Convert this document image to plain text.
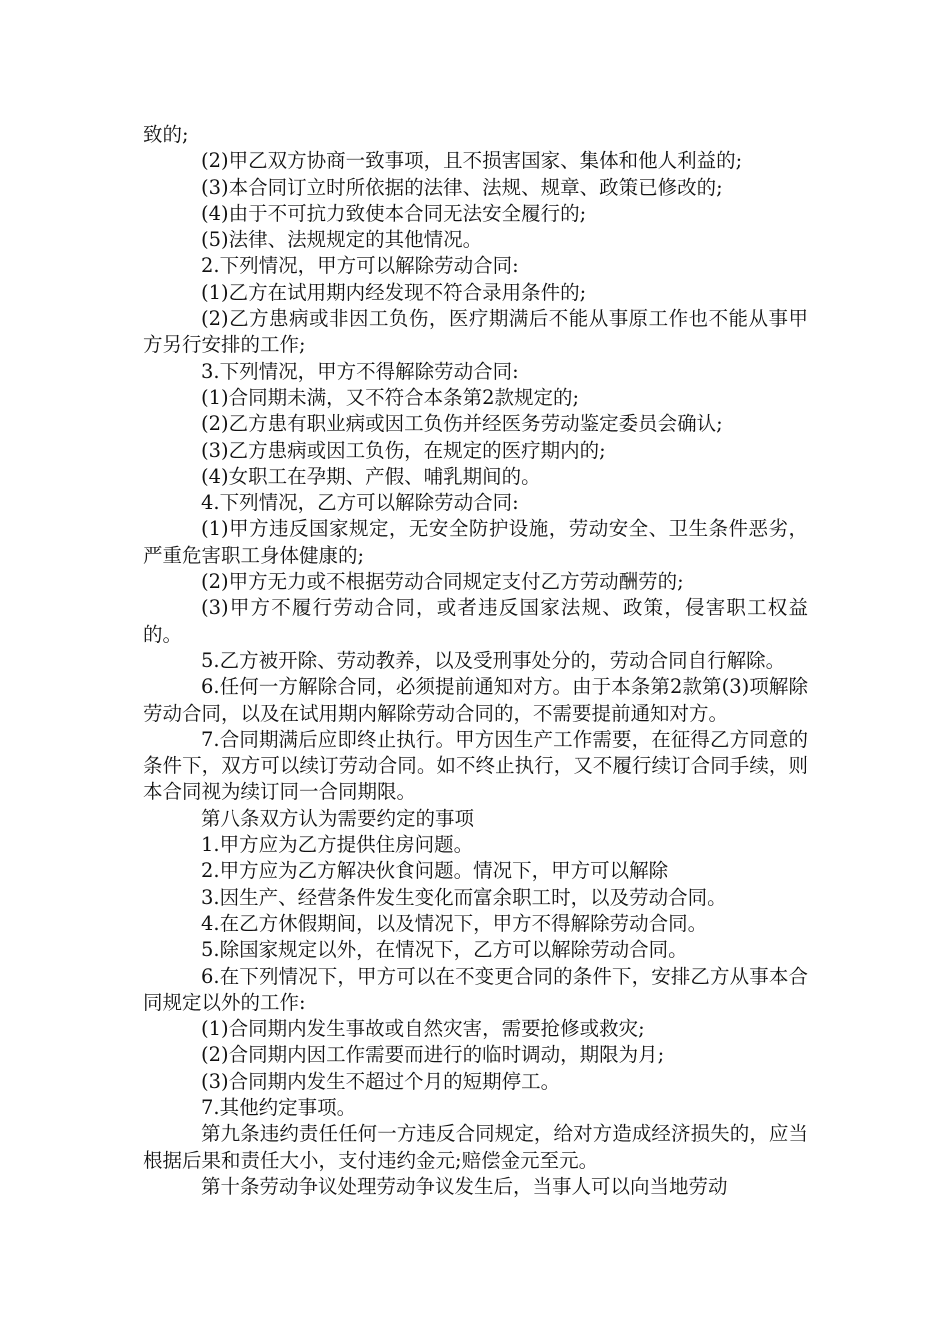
致的;

(2)甲乙双方协商一致事项，且不损害国家、集体和他人利益的;

(3)本合同订立时所依据的法律、法规、规章、政策已修改的;

(4)由于不可抗力致使本合同无法安全履行的;

(5)法律、法规规定的其他情况。

2.下列情况，甲方可以解除劳动合同:

(1)乙方在试用期内经发现不符合录用条件的;

(2)乙方患病或非因工负伤，医疗期满后不能从事原工作也不能从事甲方另行安排的工作;

3.下列情况，甲方不得解除劳动合同:

(1)合同期未满，又不符合本条第2款规定的;

(2)乙方患有职业病或因工负伤并经医务劳动鉴定委员会确认;

(3)乙方患病或因工负伤，在规定的医疗期内的;

(4)女职工在孕期、产假、哺乳期间的。

4.下列情况，乙方可以解除劳动合同:

(1)甲方违反国家规定，无安全防护设施，劳动安全、卫生条件恶劣，严重危害职工身体健康的;

(2)甲方无力或不根据劳动合同规定支付乙方劳动酬劳的;

(3)甲方不履行劳动合同，或者违反国家法规、政策，侵害职工权益的。

5.乙方被开除、劳动教养，以及受刑事处分的，劳动合同自行解除。

6.任何一方解除合同，必须提前通知对方。由于本条第2款第(3)项解除劳动合同，以及在试用期内解除劳动合同的，不需要提前通知对方。

7.合同期满后应即终止执行。甲方因生产工作需要，在征得乙方同意的条件下，双方可以续订劳动合同。如不终止执行，又不履行续订合同手续，则本合同视为续订同一合同期限。

第八条双方认为需要约定的事项

1.甲方应为乙方提供住房问题。

2.甲方应为乙方解决伙食问题。情况下，甲方可以解除

3.因生产、经营条件发生变化而富余职工时，以及劳动合同。

4.在乙方休假期间，以及情况下，甲方不得解除劳动合同。

5.除国家规定以外，在情况下，乙方可以解除劳动合同。

6.在下列情况下，甲方可以在不变更合同的条件下，安排乙方从事本合同规定以外的工作:

(1)合同期内发生事故或自然灾害，需要抢修或救灾;

(2)合同期内因工作需要而进行的临时调动，期限为月;

(3)合同期内发生不超过个月的短期停工。

7.其他约定事项。

第九条违约责任任何一方违反合同规定，给对方造成经济损失的，应当根据后果和责任大小，支付违约金元;赔偿金元至元。

第十条劳动争议处理劳动争议发生后，当事人可以向当地劳动
